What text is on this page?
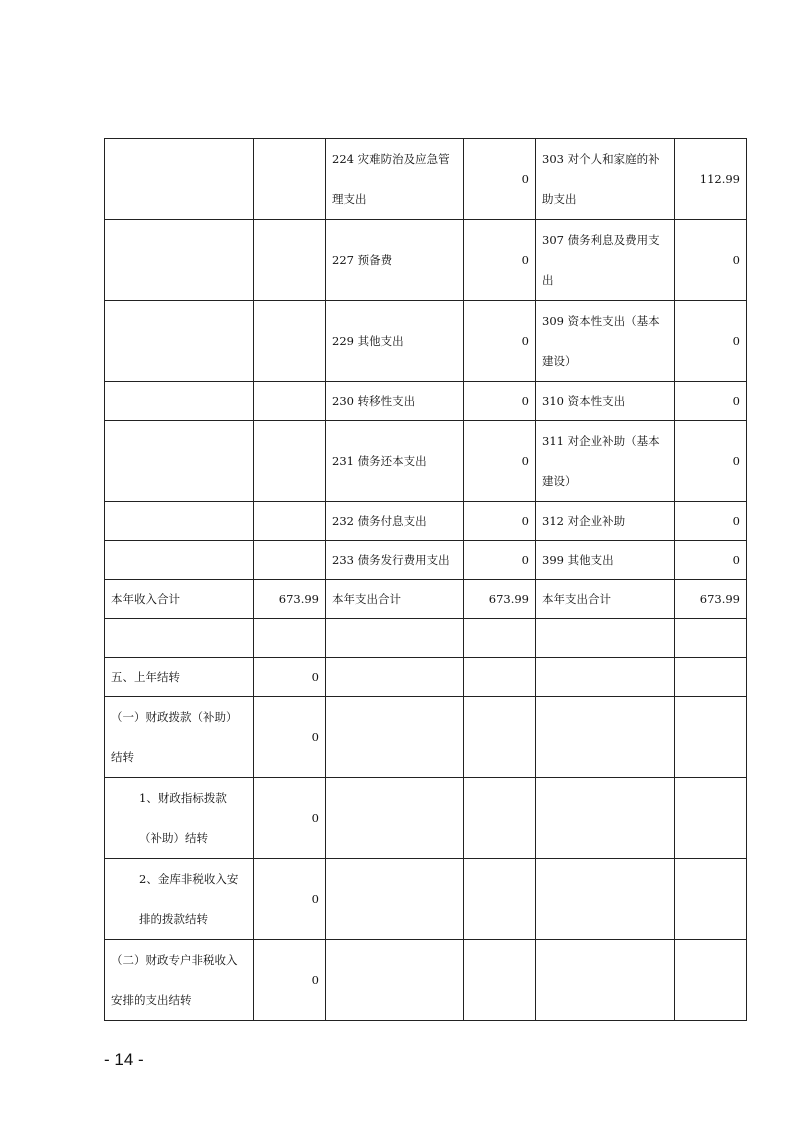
		224 灾难防治及应急管理支出	0	303 对个人和家庭的补助支出	112.99
		227 预备费	0	307 债务利息及费用支出	0
		229 其他支出	0	309 资本性支出（基本建设）	0
		230 转移性支出	0	310 资本性支出	0
		231 债务还本支出	0	311 对企业补助（基本建设）	0
		232 债务付息支出	0	312 对企业补助	0
		233 债务发行费用支出	0	399 其他支出	0
本年收入合计	673.99	本年支出合计	673.99	本年支出合计	673.99

五、上年结转	0				
（一）财政拨款（补助）结转	0				
1、财政指标拨款（补助）结转	0				
2、金库非税收入安排的拨款结转	0				
（二）财政专户非税收入安排的支出结转	0				
- 14 -
